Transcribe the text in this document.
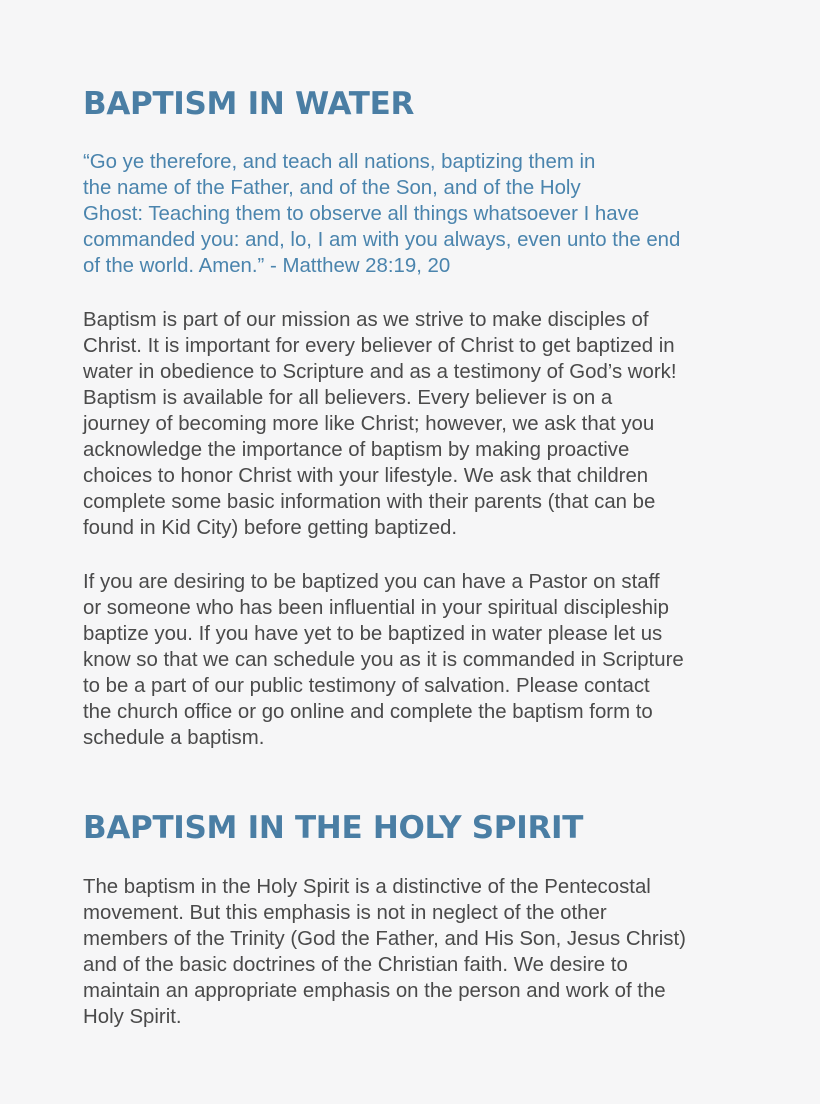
BAPTISM IN WATER

“Go ye therefore, and teach all nations, baptizing them in
the name of the Father, and of the Son, and of the Holy
Ghost: Teaching them to observe all things whatsoever I have
commanded you: and, lo, I am with you always, even unto the end
of the world. Amen.” - Matthew 28:19, 20

Baptism is part of our mission as we strive to make disciples of
Christ. It is important for every believer of Christ to get baptized in
water in obedience to Scripture and as a testimony of God’s work!
Baptism is available for all believers. Every believer is on a
journey of becoming more like Christ; however, we ask that you
acknowledge the importance of baptism by making proactive
choices to honor Christ with your lifestyle. We ask that children
complete some basic information with their parents (that can be
found in Kid City) before getting baptized.

If you are desiring to be baptized you can have a Pastor on staff
or someone who has been influential in your spiritual discipleship
baptize you. If you have yet to be baptized in water please let us
know so that we can schedule you as it is commanded in Scripture
to be a part of our public testimony of salvation. Please contact
the church office or go online and complete the baptism form to
schedule a baptism.

BAPTISM IN THE HOLY SPIRIT

The baptism in the Holy Spirit is a distinctive of the Pentecostal
movement. But this emphasis is not in neglect of the other
members of the Trinity (God the Father, and His Son, Jesus Christ)
and of the basic doctrines of the Christian faith. We desire to
maintain an appropriate emphasis on the person and work of the
Holy Spirit.
